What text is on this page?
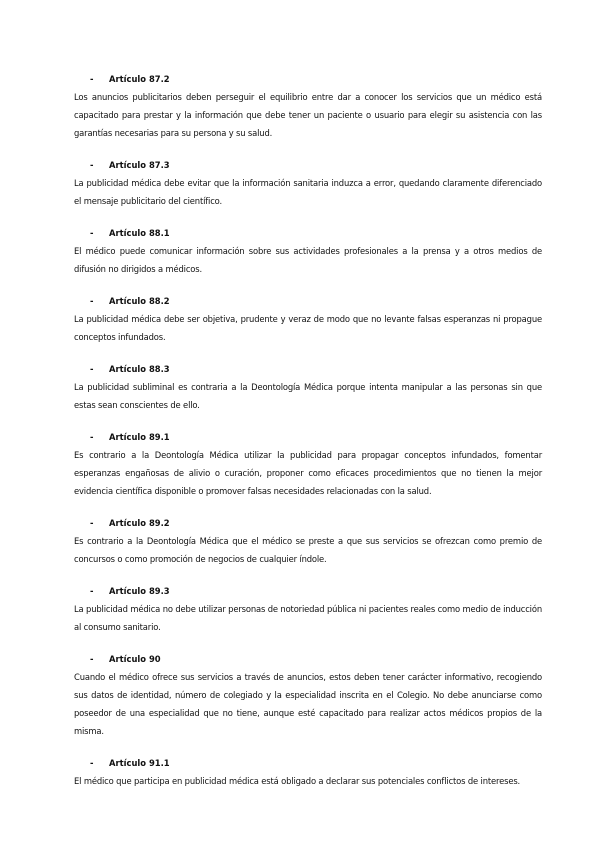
- Artículo 87.2

Los anuncios publicitarios deben perseguir el equilibrio entre dar a conocer los servicios que un médico está capacitado para prestar y la información que debe tener un paciente o usuario para elegir su asistencia con las garantías necesarias para su persona y su salud.

- Artículo 87.3

La publicidad médica debe evitar que la información sanitaria induzca a error, quedando claramente diferenciado el mensaje publicitario del científico.

- Artículo 88.1

El médico puede comunicar información sobre sus actividades profesionales a la prensa y a otros medios de difusión no dirigidos a médicos.

- Artículo 88.2

La publicidad médica debe ser objetiva, prudente y veraz de modo que no levante falsas esperanzas ni propague conceptos infundados.

- Artículo 88.3

La publicidad subliminal es contraria a la Deontología Médica porque intenta manipular a las personas sin que estas sean conscientes de ello.

- Artículo 89.1

Es contrario a la Deontología Médica utilizar la publicidad para propagar conceptos infundados, fomentar esperanzas engañosas de alivio o curación, proponer como eficaces procedimientos que no tienen la mejor evidencia científica disponible o promover falsas necesidades relacionadas con la salud.

- Artículo 89.2

Es contrario a la Deontología Médica que el médico se preste a que sus servicios se ofrezcan como premio de concursos o como promoción de negocios de cualquier índole.

- Artículo 89.3

La publicidad médica no debe utilizar personas de notoriedad pública ni pacientes reales como medio de inducción al consumo sanitario.

- Artículo 90

Cuando el médico ofrece sus servicios a través de anuncios, estos deben tener carácter informativo, recogiendo sus datos de identidad, número de colegiado y la especialidad inscrita en el Colegio. No debe anunciarse como poseedor de una especialidad que no tiene, aunque esté capacitado para realizar actos médicos propios de la misma.

- Artículo 91.1

El médico que participa en publicidad médica está obligado a declarar sus potenciales conflictos de intereses.
